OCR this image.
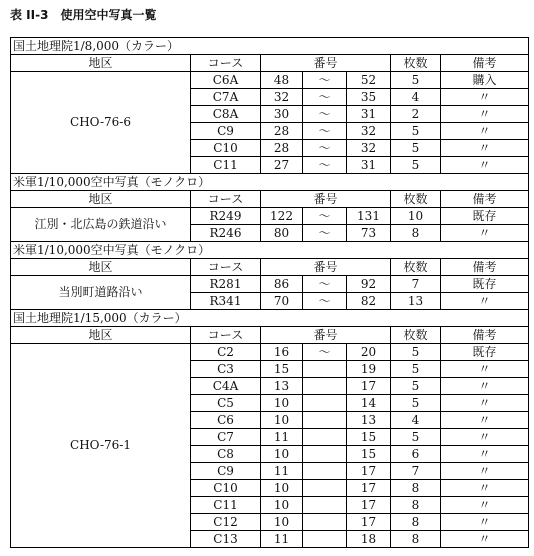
表 II-3　使用空中写真一覧
国土地理院1/8,000（カラー）						
地区	コース	番号			枚数	備考
CHO-76-6	C6A	48	〜	52	5	購入
	C7A	32	〜	35	4	〃
	C8A	30	〜	31	2	〃
	C9	28	〜	32	5	〃
	C10	28	〜	32	5	〃
	C11	27	〜	31	5	〃
米軍1/10,000空中写真（モノクロ）						
地区	コース	番号			枚数	備考
江別・北広島の鉄道沿い	R249	122	〜	131	10	既存
	R246	80	〜	73	8	〃
米軍1/10,000空中写真（モノクロ）						
地区	コース	番号			枚数	備考
当別町道路沿い	R281	86	〜	92	7	既存
	R341	70	〜	82	13	〃
国土地理院1/15,000（カラー）						
地区	コース	番号			枚数	備考
CHO-76-1	C2	16	〜	20	5	既存
	C3	15		19	5	〃
	C4A	13		17	5	〃
	C5	10		14	5	〃
	C6	10		13	4	〃
	C7	11		15	5	〃
	C8	10		15	6	〃
	C9	11		17	7	〃
	C10	10		17	8	〃
	C11	10		17	8	〃
	C12	10		17	8	〃
	C13	11		18	8	〃
